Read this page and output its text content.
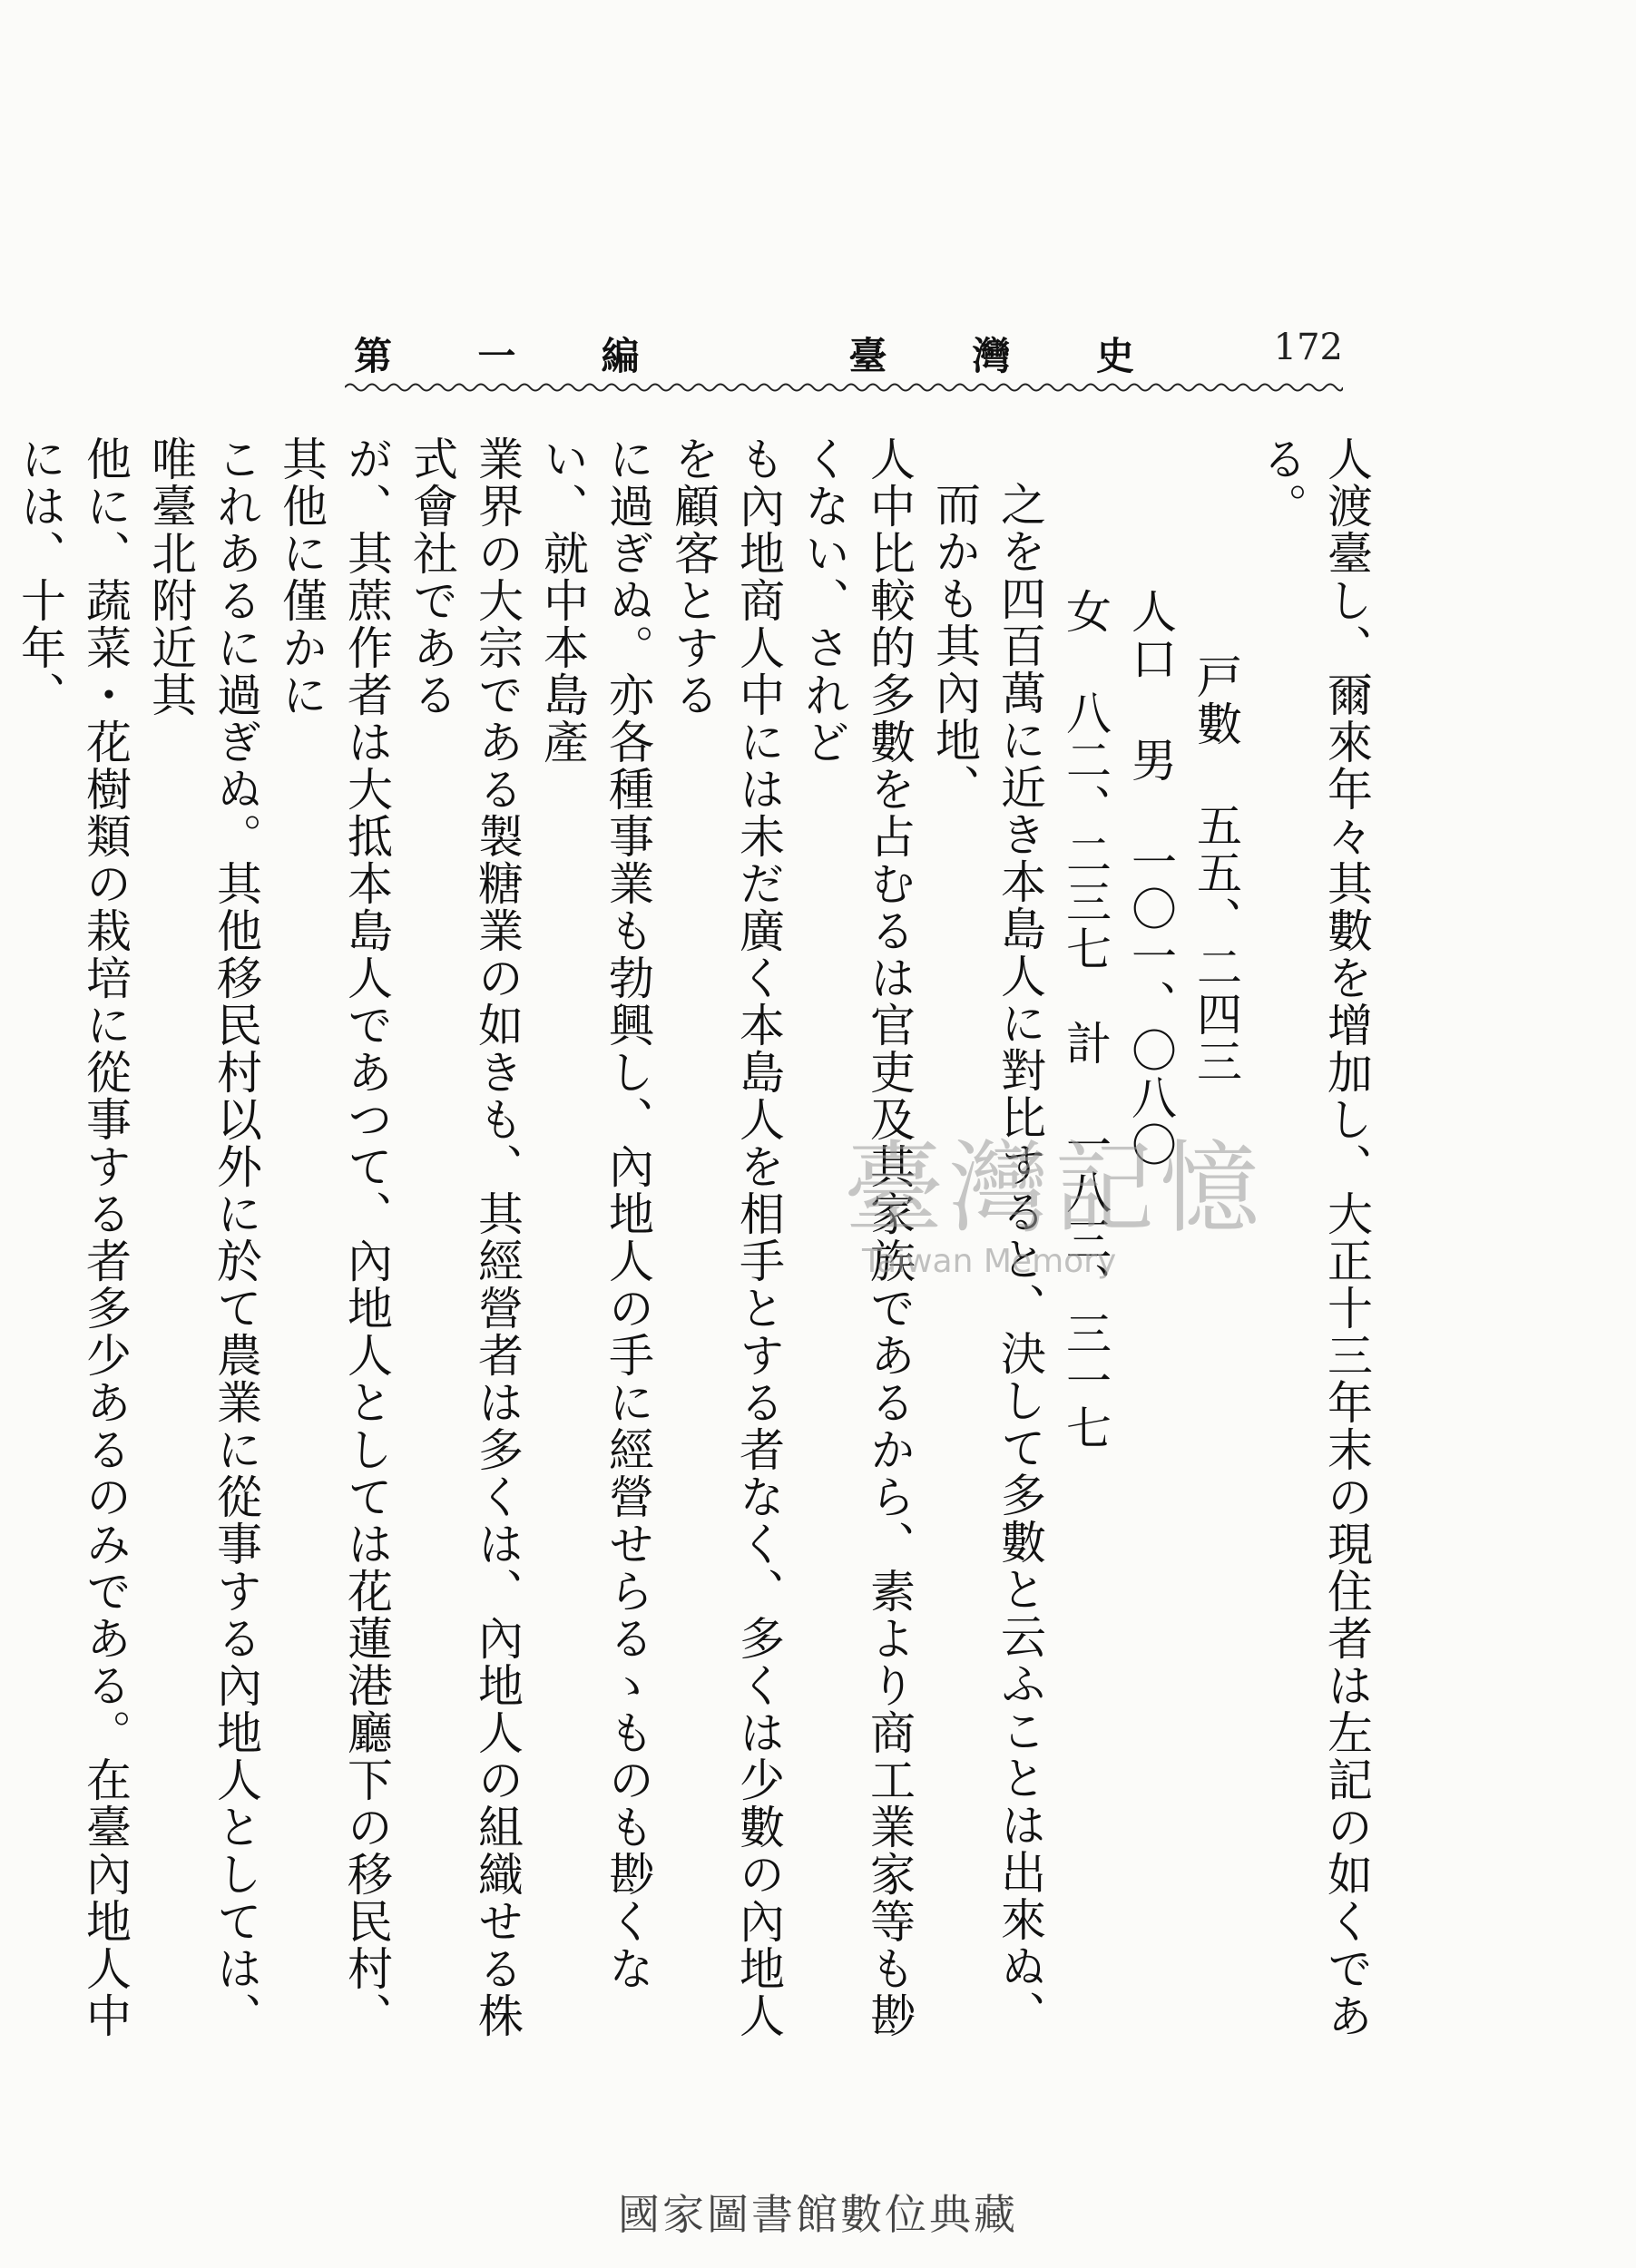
第一編　臺灣史	172

人渡臺し、爾來年々其數を增加し、大正十三年末の現住者は左記の如くである。

戸數 五五、二四三

人口 男 一〇一、〇八〇

女 八二、二三七　計 一八三、三一七

之を四百萬に近き本島人に對比すると、決して多數と云ふことは出來ぬ、而かも其內地、

人中比較的多數を占むるは官吏及其家族であるから、素より商工業家等も尠くない、されど

も內地商人中には未だ廣く本島人を相手とする者なく、多くは少數の內地人を顧客とする

に過ぎぬ。亦各種事業も勃興し、內地人の手に經營せらるゝものも尠くない、就中本島產

業界の大宗である製糖業の如きも、其經營者は多くは、內地人の組織せる株式會社である

が、其蔗作者は大抵本島人であつて、內地人としては花蓮港廳下の移民村、其他に僅かに

これあるに過ぎぬ。其他移民村以外に於て農業に從事する內地人としては、唯臺北附近其

他に、蔬菜・花樹類の栽培に從事する者多少あるのみである。在臺內地人中には、十年、

臺灣記憶
Taiwan Memory
國家圖書館數位典藏
